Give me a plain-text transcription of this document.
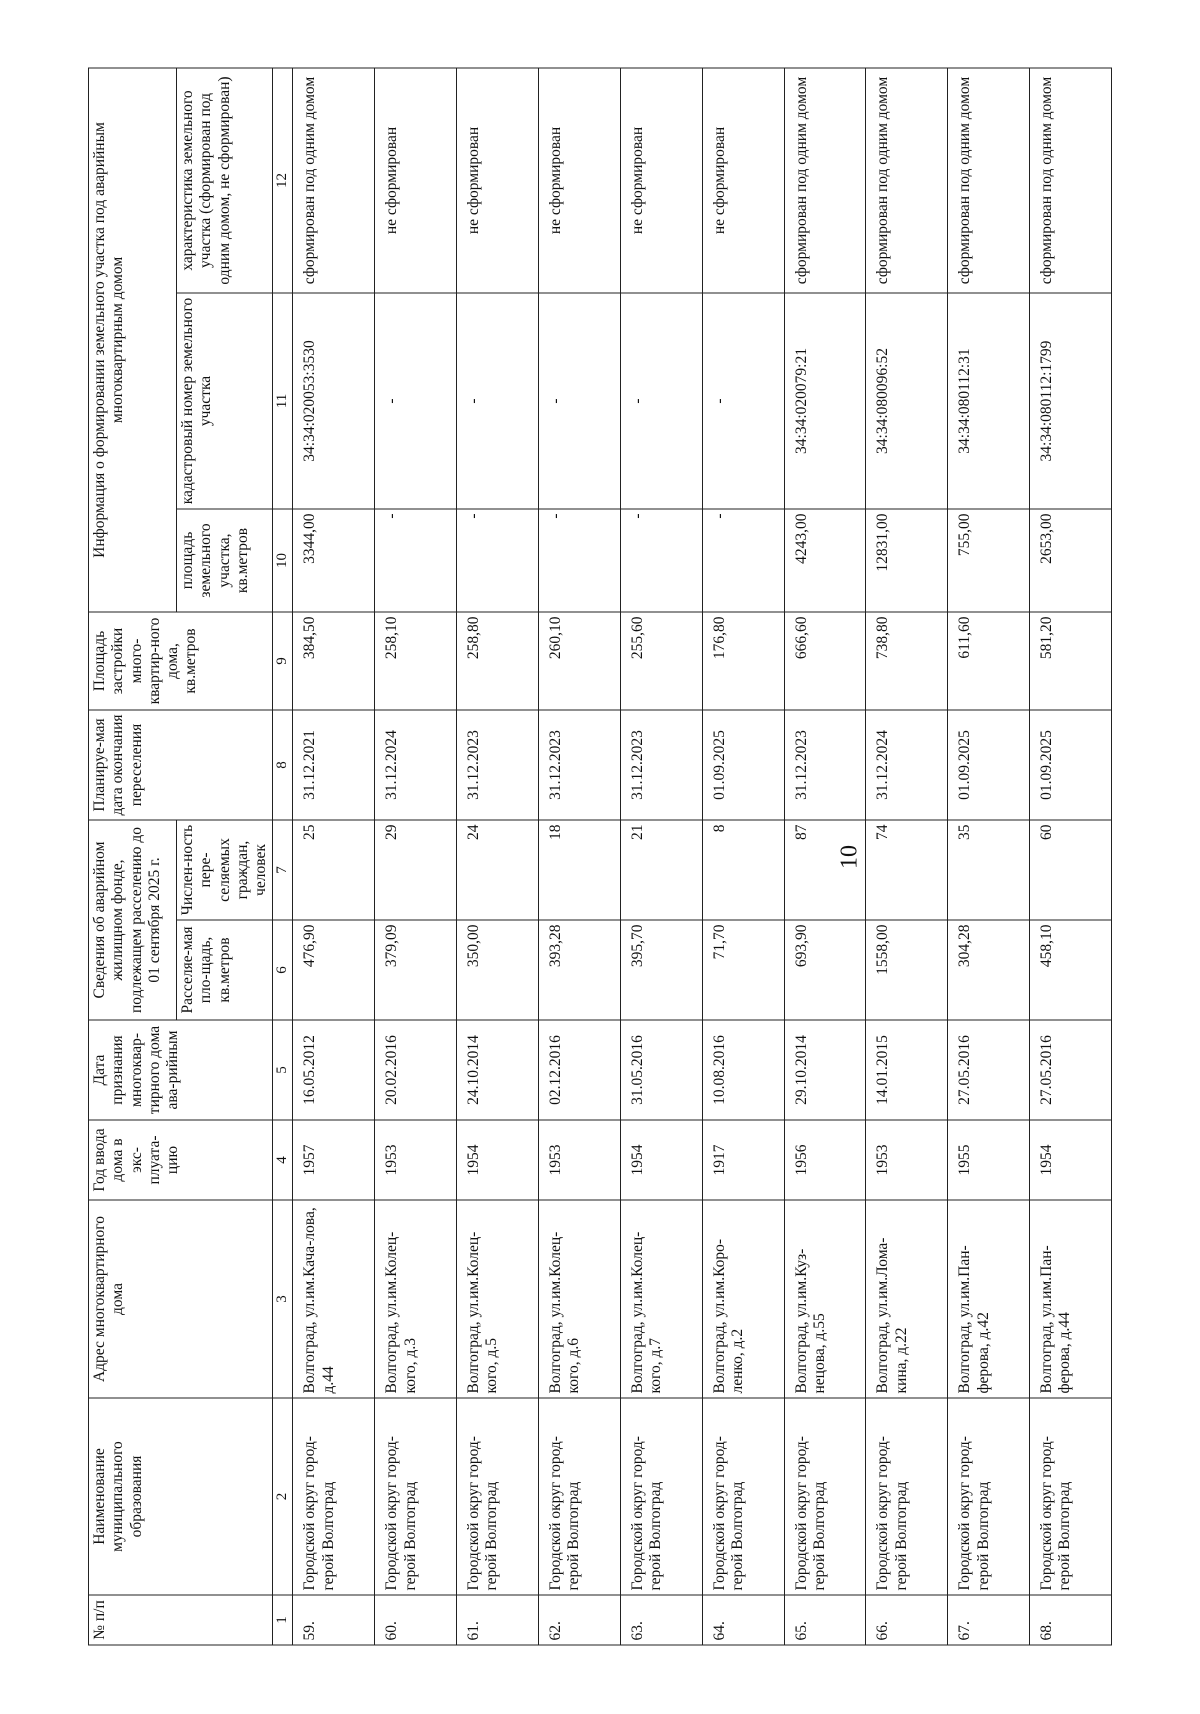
10
№ п/п	Наименование муниципального образования	Адрес многоквартирного дома	Год ввода дома в экс-плуата-цию	Дата признания многоквар-тирного дома ава-рийным	Сведения об аварийном жилищном фонде, подлежащем расселению до 01 сентября 2025 г.		Планируе-мая дата окончания переселения	Площадь застройки много-квартир-ного дома, кв.метров	Информация о формировании земельного участка под аварийным многоквартирным домом		
					Расселяе-мая пло-щадь, кв.метров	Числен-ность пере-селяемых граждан, человек			площадь земельного участка, кв.метров	кадастровый номер земельного участка	характеристика земельного участка (сформирован под одним домом, не сформирован)
1	2	3	4	5	6	7	8	9	10	11	12
59.	Городской округ город-герой Волгоград	Волгоград, ул.им.Кача-лова, д.44	1957	16.05.2012	476,90	25	31.12.2021	384,50	3344,00	34:34:020053:3530	сформирован под одним домом
60.	Городской округ город-герой Волгоград	Волгоград, ул.им.Колец-кого, д.3	1953	20.02.2016	379,09	29	31.12.2024	258,10	-	-	не сформирован
61.	Городской округ город-герой Волгоград	Волгоград, ул.им.Колец-кого, д.5	1954	24.10.2014	350,00	24	31.12.2023	258,80	-	-	не сформирован
62.	Городской округ город-герой Волгоград	Волгоград, ул.им.Колец-кого, д.6	1953	02.12.2016	393,28	18	31.12.2023	260,10	-	-	не сформирован
63.	Городской округ город-герой Волгоград	Волгоград, ул.им.Колец-кого, д.7	1954	31.05.2016	395,70	21	31.12.2023	255,60	-	-	не сформирован
64.	Городской округ город-герой Волгоград	Волгоград, ул.им.Коро-ленко, д.2	1917	10.08.2016	71,70	8	01.09.2025	176,80	-	-	не сформирован
65.	Городской округ город-герой Волгоград	Волгоград, ул.им.Куз-нецова, д.55	1956	29.10.2014	693,90	87	31.12.2023	666,60	4243,00	34:34:020079:21	сформирован под одним домом
66.	Городской округ город-герой Волгоград	Волгоград, ул.им.Лома-кина, д.22	1953	14.01.2015	1558,00	74	31.12.2024	738,80	12831,00	34:34:080096:52	сформирован под одним домом
67.	Городской округ город-герой Волгоград	Волгоград, ул.им.Пан-ферова, д.42	1955	27.05.2016	304,28	35	01.09.2025	611,60	755,00	34:34:080112:31	сформирован под одним домом
68.	Городской округ город-герой Волгоград	Волгоград, ул.им.Пан-ферова, д.44	1954	27.05.2016	458,10	60	01.09.2025	581,20	2653,00	34:34:080112:1799	сформирован под одним домом
